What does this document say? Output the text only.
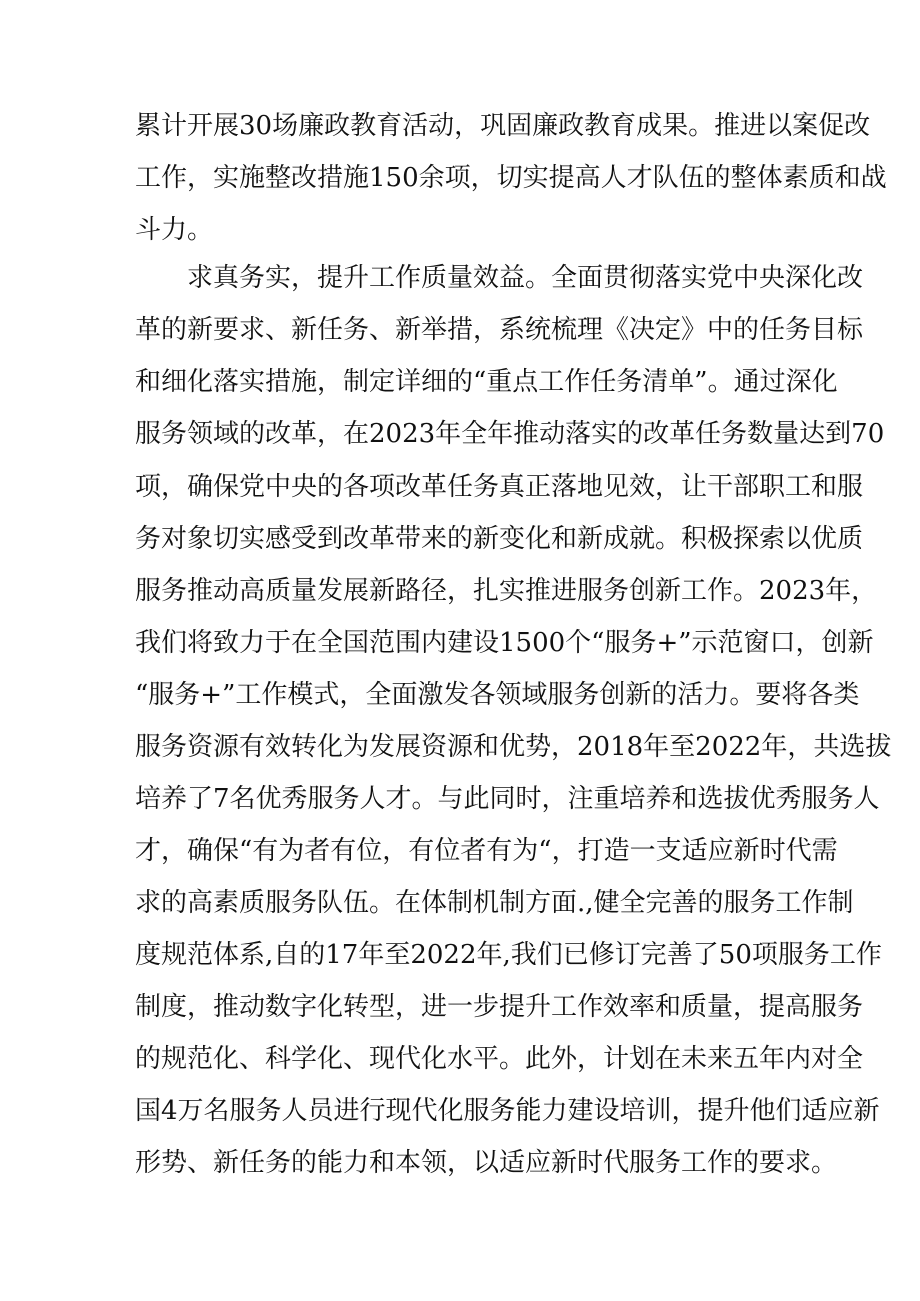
累计开展30场廉政教育活动，巩固廉政教育成果。推进以案促改

工作，实施整改措施150余项，切实提高人才队伍的整体素质和战

斗力。

求真务实，提升工作质量效益。全面贯彻落实党中央深化改

革的新要求、新任务、新举措，系统梳理《决定》中的任务目标

和细化落实措施，制定详细的“重点工作任务清单”。通过深化

服务领域的改革，在2023年全年推动落实的改革任务数量达到70

项，确保党中央的各项改革任务真正落地见效，让干部职工和服

务对象切实感受到改革带来的新变化和新成就。积极探索以优质

服务推动高质量发展新路径，扎实推进服务创新工作。2023年，

我们将致力于在全国范围内建设1500个“服务+”示范窗口，创新

“服务+”工作模式，全面激发各领域服务创新的活力。要将各类

服务资源有效转化为发展资源和优势，2018年至2022年，共选拔

培养了7名优秀服务人才。与此同时，注重培养和选拔优秀服务人

才，确保“有为者有位，有位者有为“，打造一支适应新时代需

求的高素质服务队伍。在体制机制方面.,健全完善的服务工作制

度规范体系,自的17年至2022年,我们已修订完善了50项服务工作

制度，推动数字化转型，进一步提升工作效率和质量，提高服务

的规范化、科学化、现代化水平。此外，计划在未来五年内对全

国4万名服务人员进行现代化服务能力建设培训，提升他们适应新

形势、新任务的能力和本领，以适应新时代服务工作的要求。
